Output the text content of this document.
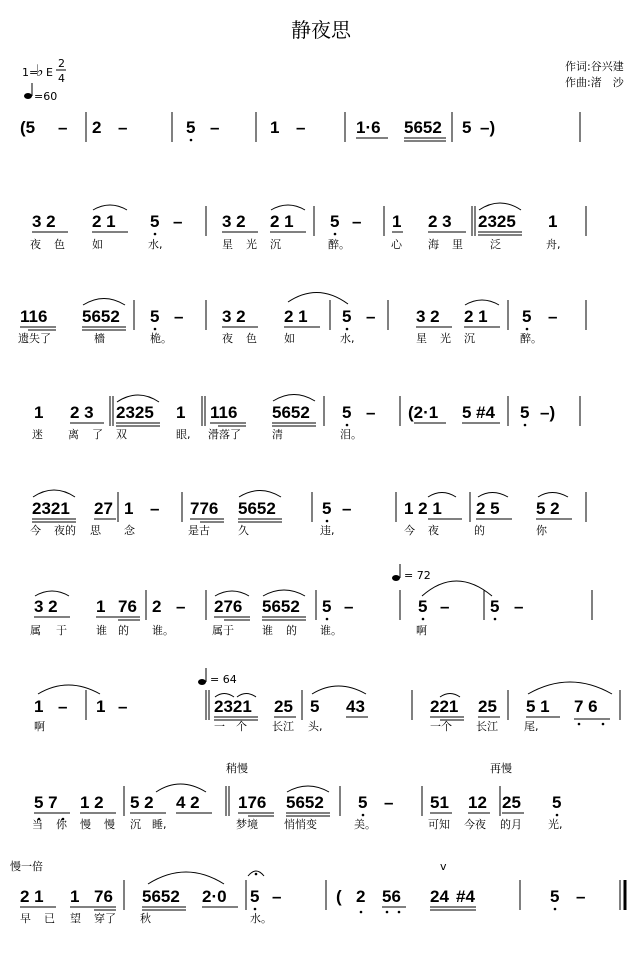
静夜思
1=
♭ E
2
4
=60
作词:谷兴建
作曲:渚　沙
(5 – 2 –	5 –	1 –	1·6 5652 5 –)
3 2 2 1 5 – 3 2 2 1 5 – 1 2 3 2325 1
夜 色 如	水,	星 光 沉	醉。	心 海 里 泛	舟,
116 5652 5 – 3 2 2 1 5 – 3 2 2 1 5 –
遗失了	檣	桅。	夜 色 如	水,	星 光 沉	醉。
1 2 3 2325 1 116 5652 5 – (2·1 5 #4 5 –)
迷 离 了 双	眼, 滑落了	清	泪。
2321 27 1 – 776 5652	5 –	1 2 1 2 5 5 2
今 夜的 思 念	是古	久	违,	今 夜	的	你
= 72
3 2 1 76 2 – 276 5652 5 –	5 – 5 –
属 于	谁 的 谁。	属于	谁 的 谁。	啊
= 64
1 – 1 –	2321 25 5 43	221 25 5 1 7 6
啊	一 个 长江 头,	一个 长江 尾,
稍慢	再慢
5 7 1 2 5 2 4 2 176 5652 5 – 51 12 25 5
当 你 慢 慢 沉 睡,	梦境 悄悄变	美。	可知 今夜 的月 光,
慢一倍
2 1 1 76 5652 2·0 5 –	( 2 56
v
24 #4	5 –
早 已 望 穿了 秋	水。
